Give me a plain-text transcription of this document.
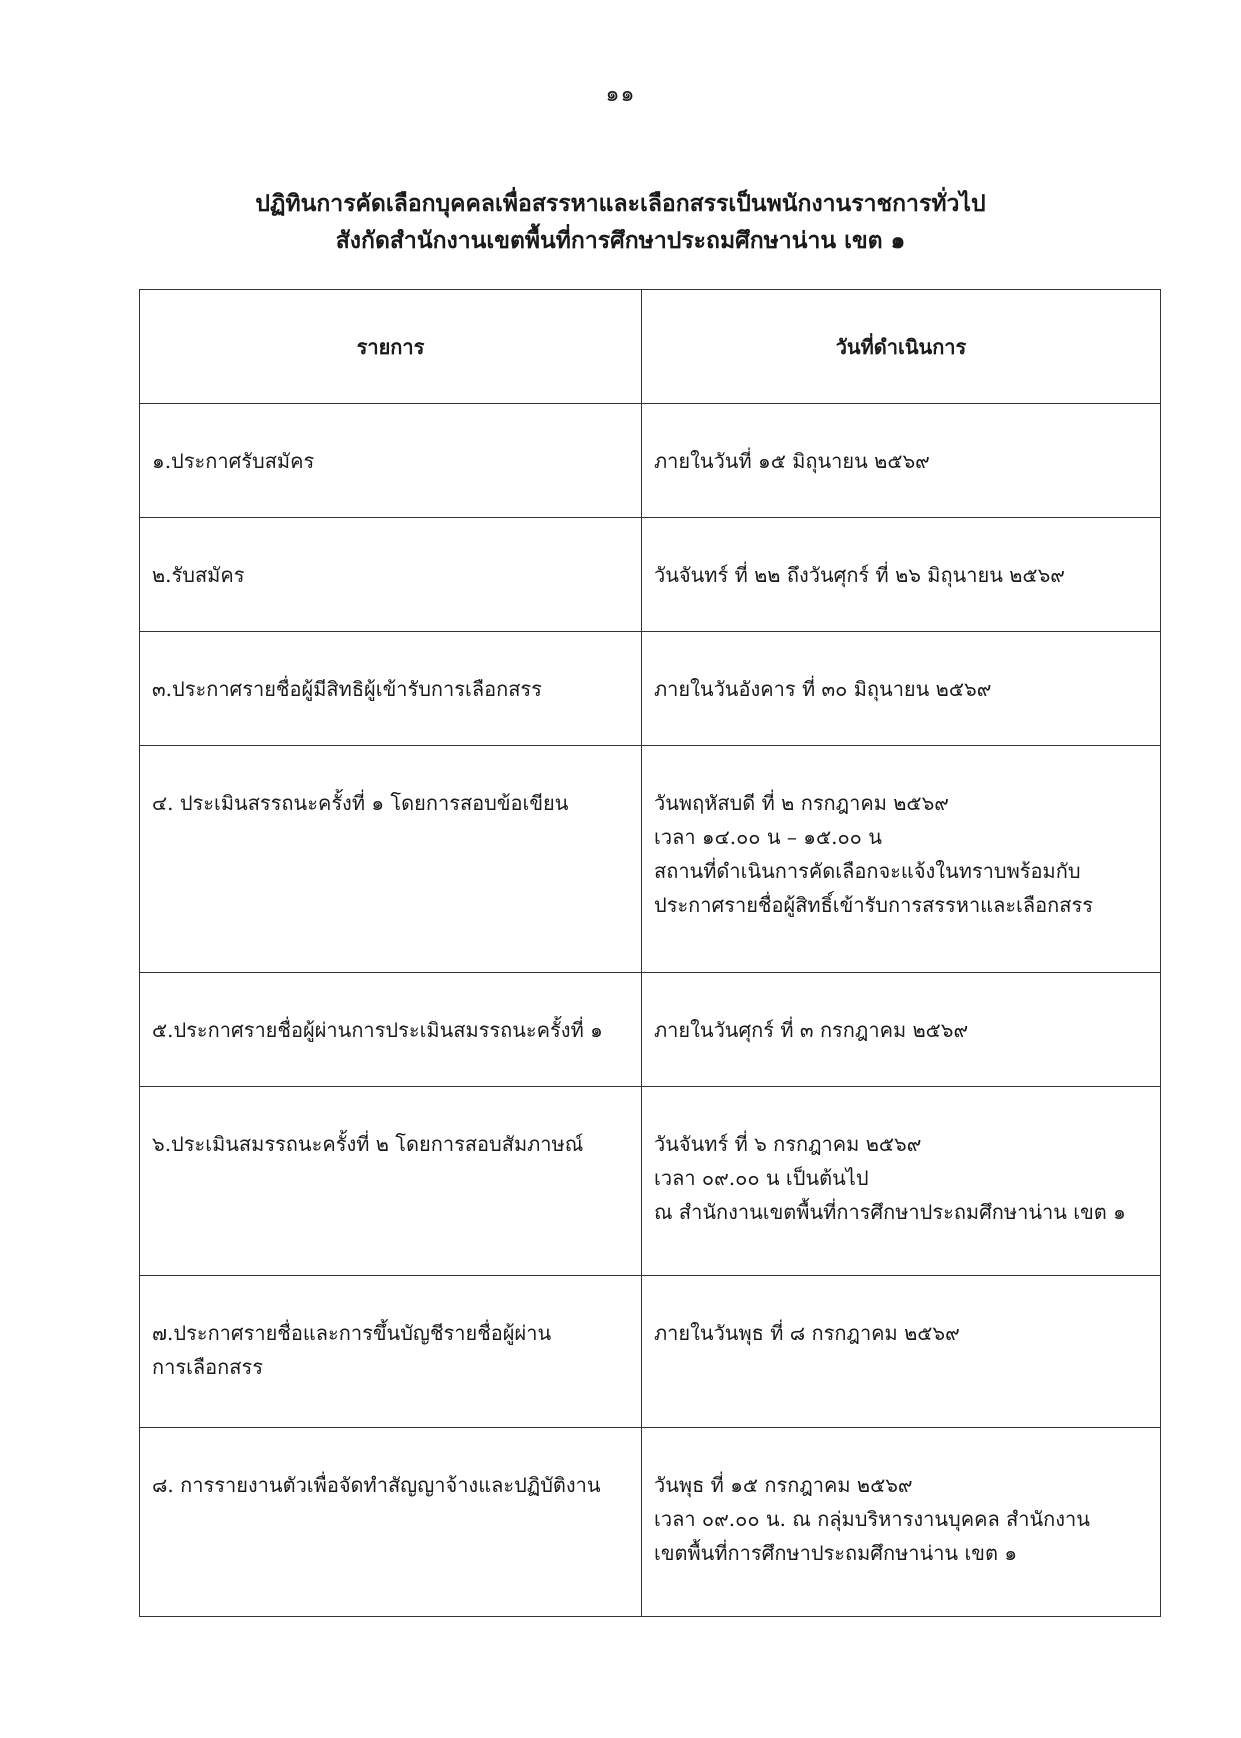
๑๑
ปฏิทินการคัดเลือกบุคคลเพื่อสรรหาและเลือกสรรเป็นพนักงานราชการทั่วไป
สังกัดสำนักงานเขตพื้นที่การศึกษาประถมศึกษาน่าน เขต ๑
รายการ	วันที่ดำเนินการ

๑.ประกาศรับสมัคร	ภายในวันที่ ๑๕ มิถุนายน ๒๕๖๙

๒.รับสมัคร	วันจันทร์ ที่ ๒๒ ถึงวันศุกร์ ที่ ๒๖ มิถุนายน ๒๕๖๙

๓.ประกาศรายชื่อผู้มีสิทธิผู้เข้ารับการเลือกสรร	ภายในวันอังคาร ที่ ๓๐ มิถุนายน ๒๕๖๙

๔. ประเมินสรรถนะครั้งที่ ๑ โดยการสอบข้อเขียน	วันพฤหัสบดี ที่ ๒ กรกฎาคม ๒๕๖๙
เวลา ๑๔.๐๐ น – ๑๕.๐๐ น
สถานที่ดำเนินการคัดเลือกจะแจ้งในทราบพร้อมกับ
ประกาศรายชื่อผู้สิทธิ์เข้ารับการสรรหาและเลือกสรร

๕.ประกาศรายชื่อผู้ผ่านการประเมินสมรรถนะครั้งที่ ๑	ภายในวันศุกร์ ที่ ๓ กรกฎาคม ๒๕๖๙

๖.ประเมินสมรรถนะครั้งที่ ๒ โดยการสอบสัมภาษณ์	วันจันทร์ ที่ ๖ กรกฎาคม ๒๕๖๙
เวลา ๐๙.๐๐ น เป็นต้นไป
ณ สำนักงานเขตพื้นที่การศึกษาประถมศึกษาน่าน เขต ๑

๗.ประกาศรายชื่อและการขึ้นบัญชีรายชื่อผู้ผ่าน
การเลือกสรร	ภายในวันพุธ ที่ ๘ กรกฎาคม ๒๕๖๙

๘. การรายงานตัวเพื่อจัดทำสัญญาจ้างและปฏิบัติงาน	วันพุธ ที่ ๑๕ กรกฎาคม ๒๕๖๙
เวลา ๐๙.๐๐ น. ณ กลุ่มบริหารงานบุคคล สำนักงาน
เขตพื้นที่การศึกษาประถมศึกษาน่าน เขต ๑
